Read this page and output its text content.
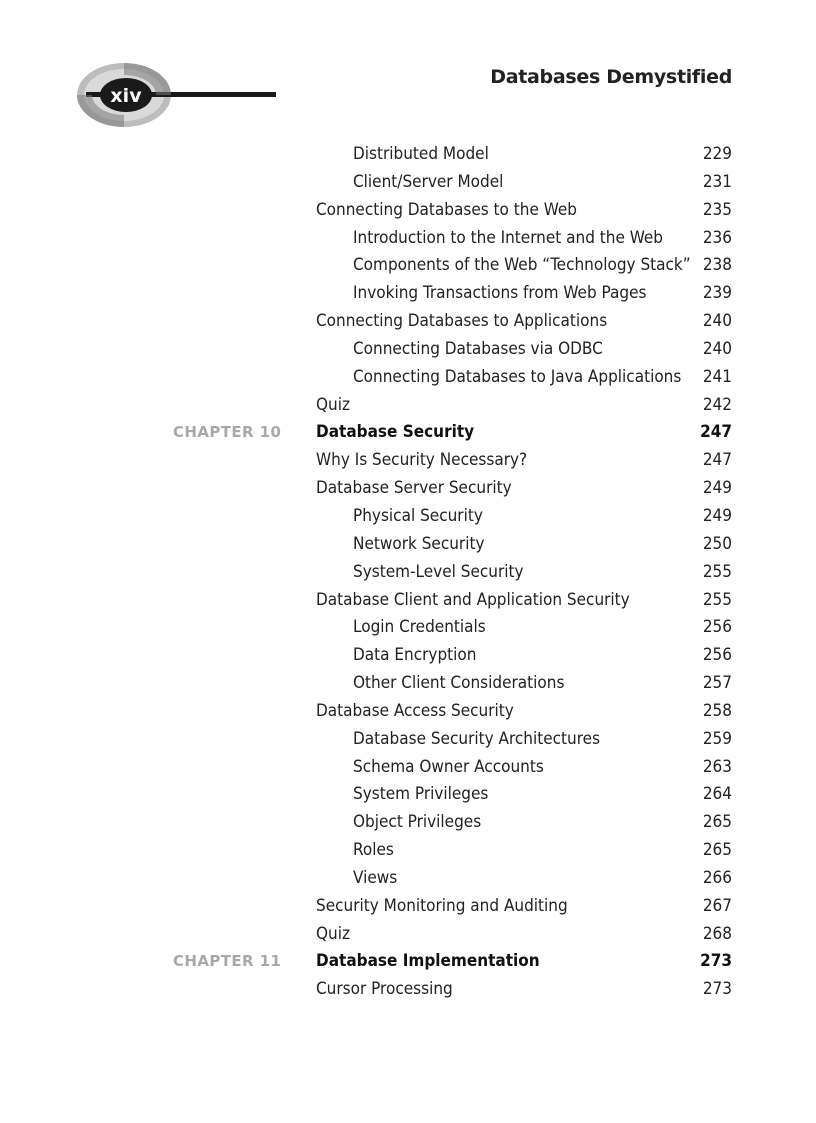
xiv
Databases Demystified
Distributed Model	229
Client/Server Model	231
Connecting Databases to the Web	235
Introduction to the Internet and the Web 236
Components of the Web “Technology Stack” 238
Invoking Transactions from Web Pages	239
Connecting Databases to Applications	240
Connecting Databases via ODBC	240
Connecting Databases to Java Applications 241
Quiz	242
CHAPTER 10 Database Security	247
Why Is Security Necessary?	247
Database Server Security	249
Physical Security	249
Network Security	250
System-Level Security	255
Database Client and Application Security	255
Login Credentials	256
Data Encryption	256
Other Client Considerations	257
Database Access Security	258
Database Security Architectures	259
Schema Owner Accounts	263
System Privileges	264
Object Privileges	265
Roles	265
Views	266
Security Monitoring and Auditing	267
Quiz	268
CHAPTER 11 Database Implementation	273
Cursor Processing	273
